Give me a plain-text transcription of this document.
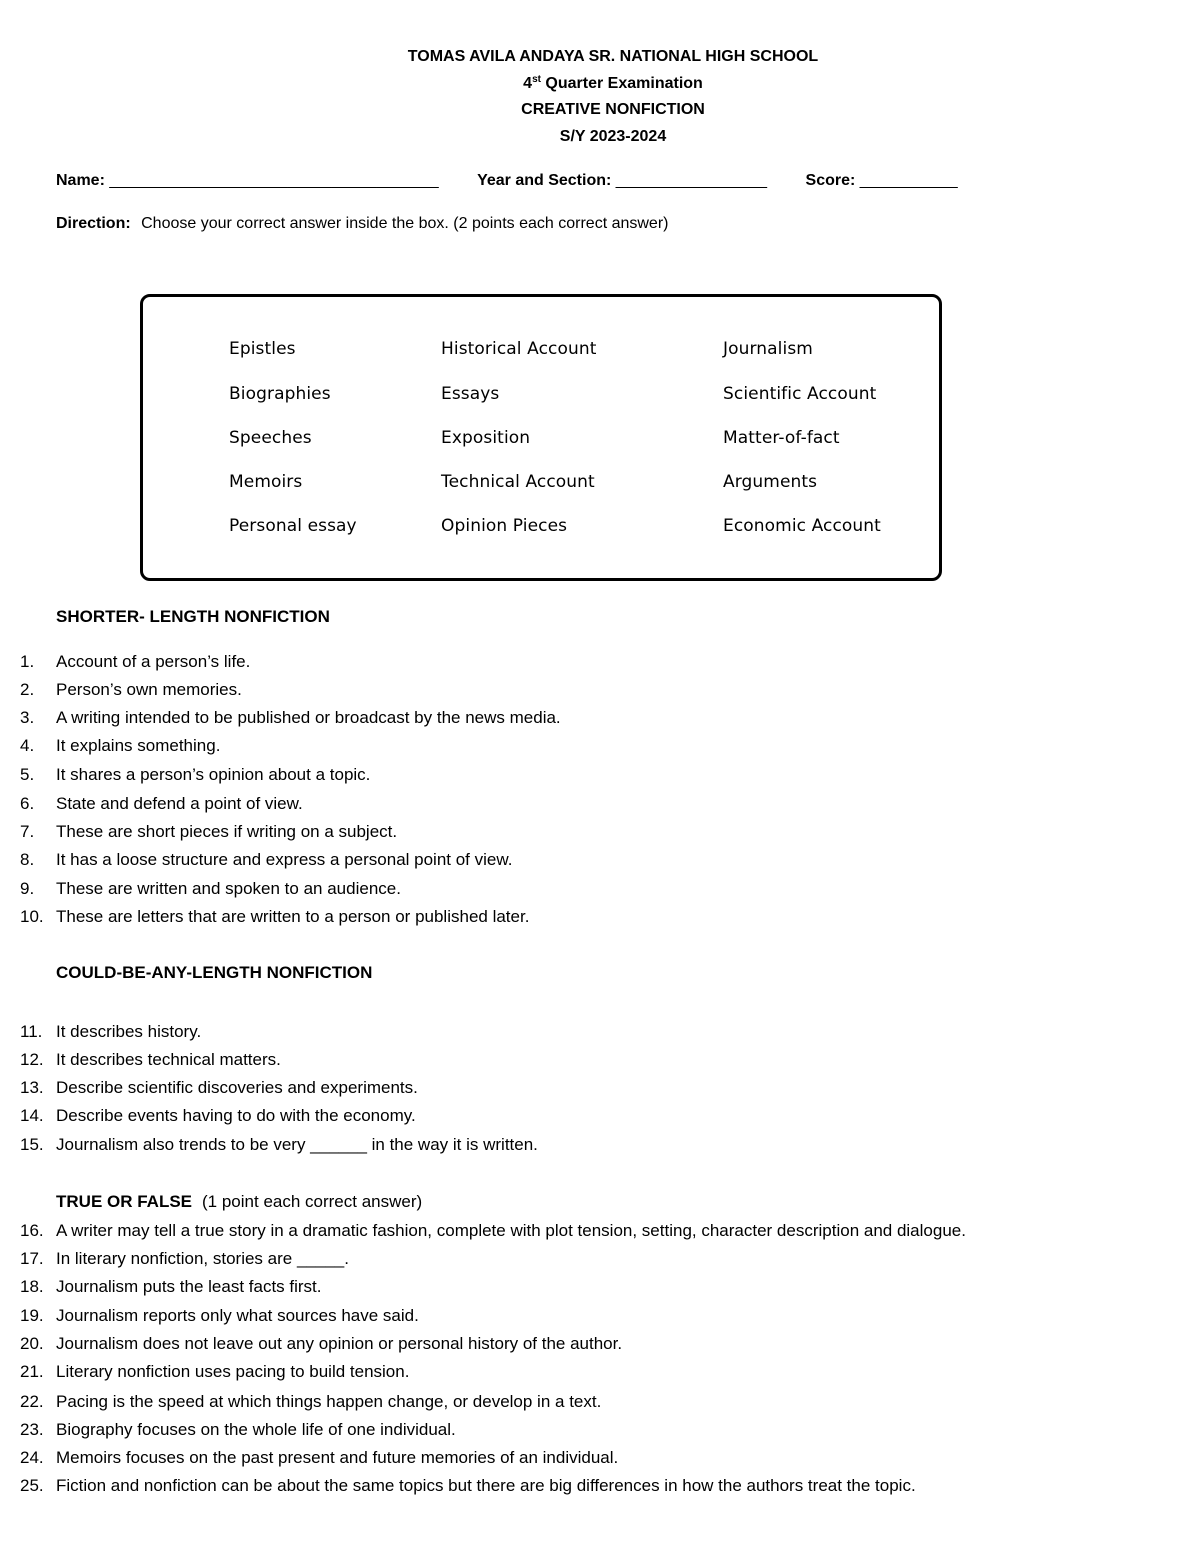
TOMAS AVILA ANDAYA SR. NATIONAL HIGH SCHOOL
4st Quarter Examination
CREATIVE NONFICTION
S/Y 2023-2024
Name: _____________________________________ Year and Section: _________________ Score: ___________
Direction: Choose your correct answer inside the box. (2 points each correct answer)
Epistles	Historical Account	Journalism
Biographies	Essays	Scientific Account
Speeches	Exposition	Matter-of-fact
Memoirs	Technical Account	Arguments
Personal essay	Opinion Pieces	Economic Account
SHORTER- LENGTH NONFICTION
1. Account of a person’s life.
2. Person’s own memories.
3. A writing intended to be published or broadcast by the news media.
4. It explains something.
5. It shares a person’s opinion about a topic.
6. State and defend a point of view.
7. These are short pieces if writing on a subject.
8. It has a loose structure and express a personal point of view.
9. These are written and spoken to an audience.
10. These are letters that are written to a person or published later.
COULD-BE-ANY-LENGTH NONFICTION
11. It describes history.
12. It describes technical matters.
13. Describe scientific discoveries and experiments.
14. Describe events having to do with the economy.
15. Journalism also trends to be very ______ in the way it is written.
TRUE OR FALSE (1 point each correct answer)
16. A writer may tell a true story in a dramatic fashion, complete with plot tension, setting, character description and dialogue.
17. In literary nonfiction, stories are _____.
18. Journalism puts the least facts first.
19. Journalism reports only what sources have said.
20. Journalism does not leave out any opinion or personal history of the author.
21. Literary nonfiction uses pacing to build tension.
22. Pacing is the speed at which things happen change, or develop in a text.
23. Biography focuses on the whole life of one individual.
24. Memoirs focuses on the past present and future memories of an individual.
25. Fiction and nonfiction can be about the same topics but there are big differences in how the authors treat the topic.
